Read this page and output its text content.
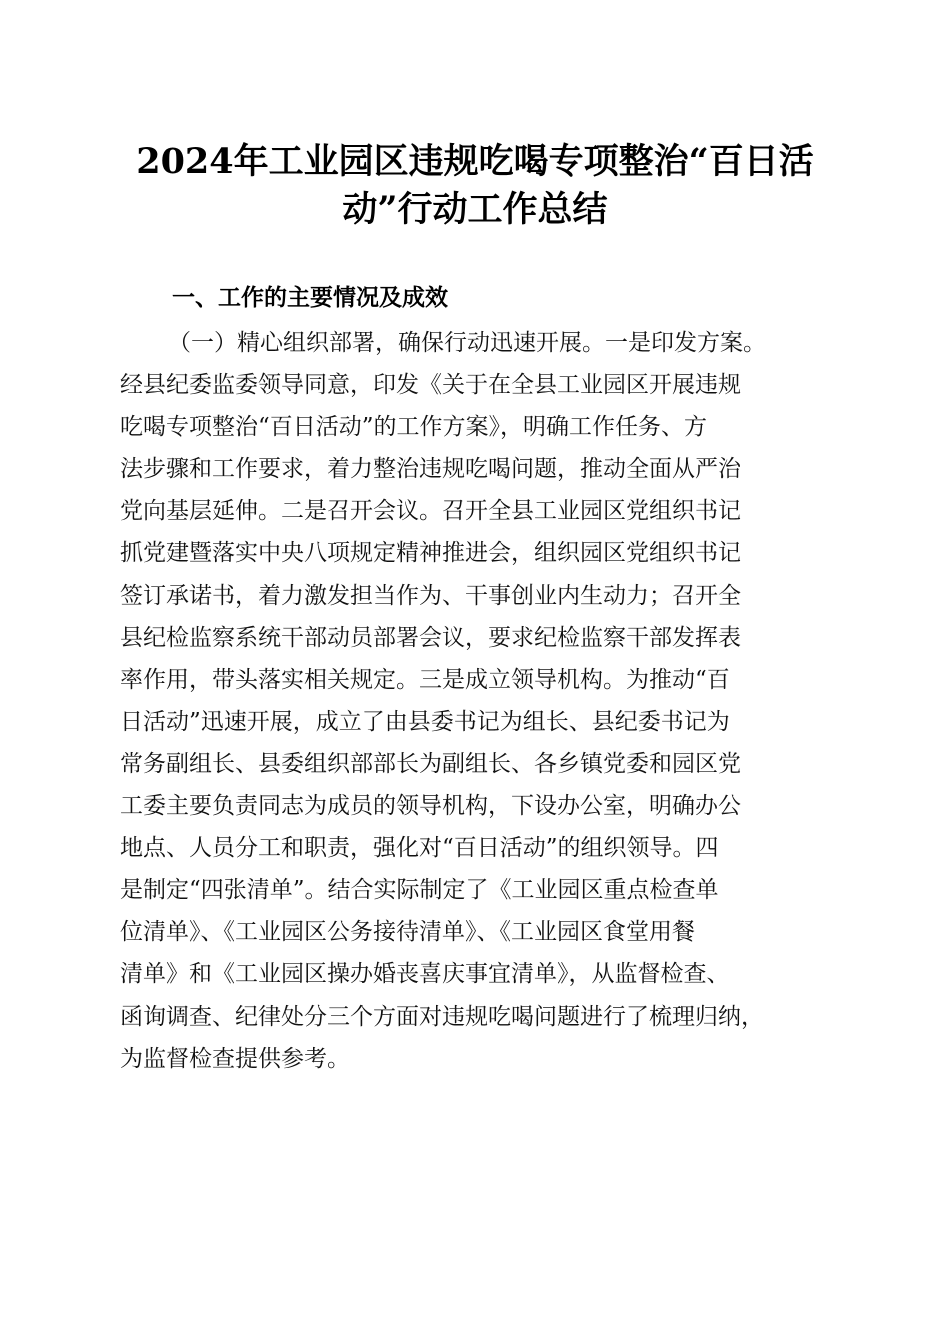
2024年工业园区违规吃喝专项整治“百日活
动”行动工作总结
一、工作的主要情况及成效
（一）精心组织部署，确保行动迅速开展。一是印发方案。
经县纪委监委领导同意，印发《关于在全县工业园区开展违规
吃喝专项整治“百日活动”的工作方案》，明确工作任务、方
法步骤和工作要求，着力整治违规吃喝问题，推动全面从严治
党向基层延伸。二是召开会议。召开全县工业园区党组织书记
抓党建暨落实中央八项规定精神推进会，组织园区党组织书记
签订承诺书，着力激发担当作为、干事创业内生动力；召开全
县纪检监察系统干部动员部署会议，要求纪检监察干部发挥表
率作用，带头落实相关规定。三是成立领导机构。为推动“百
日活动”迅速开展，成立了由县委书记为组长、县纪委书记为
常务副组长、县委组织部部长为副组长、各乡镇党委和园区党
工委主要负责同志为成员的领导机构，下设办公室，明确办公
地点、人员分工和职责，强化对“百日活动”的组织领导。四
是制定“四张清单”。结合实际制定了《工业园区重点检查单
位清单》、《工业园区公务接待清单》、《工业园区食堂用餐
清单》和《工业园区操办婚丧喜庆事宜清单》，从监督检查、
函询调查、纪律处分三个方面对违规吃喝问题进行了梳理归纳，
为监督检查提供参考。
